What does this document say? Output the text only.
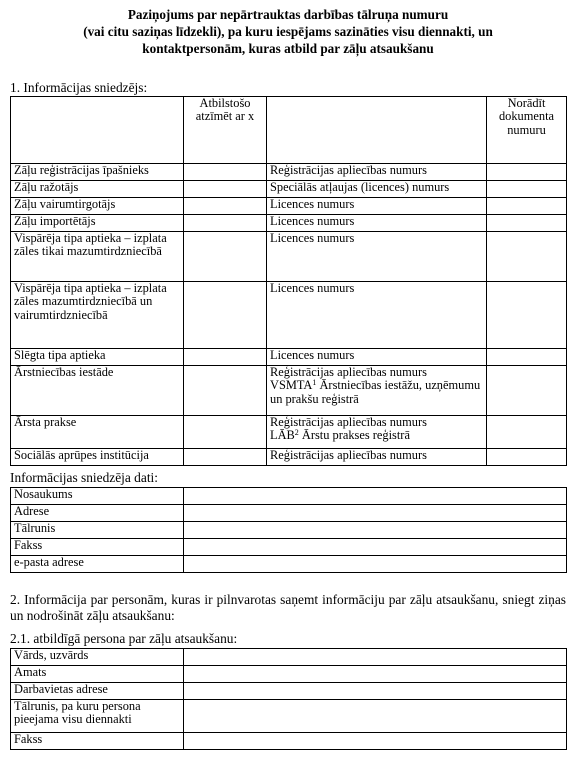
Paziņojums par nepārtrauktas darbības tālruņa numuru
(vai citu saziņas līdzekli), pa kuru iespējams sazināties visu diennakti, un
kontaktpersonām, kuras atbild par zāļu atsaukšanu
1. Informācijas sniedzējs:
	Atbilstošo atzīmēt ar x		Norādīt dokumenta numuru
Zāļu reģistrācijas īpašnieks		Reģistrācijas apliecības numurs	
Zāļu ražotājs		Speciālās atļaujas (licences) numurs	
Zāļu vairumtirgotājs		Licences numurs	
Zāļu importētājs		Licences numurs	
Vispārēja tipa aptieka – izplata zāles tikai mazumtirdzniecībā		Licences numurs	
Vispārēja tipa aptieka – izplata zāles mazumtirdzniecībā un vairumtirdzniecībā		Licences numurs	
Slēgta tipa aptieka		Licences numurs	
Ārstniecības iestāde		Reģistrācijas apliecības numurs
VSMTA$^1$ Ārstniecības iestāžu, uzņēmumu un prakšu reģistrā	
Ārsta prakse		Reģistrācijas apliecības numurs
LĀB$^2$ Ārstu prakses reģistrā	
Sociālās aprūpes institūcija		Reģistrācijas apliecības numurs	
Informācijas sniedzēja dati:
Nosaukums	
Adrese	
Tālrunis	
Fakss	
e-pasta adrese	
2. Informācija par personām, kuras ir pilnvarotas saņemt informāciju par zāļu atsaukšanu, sniegt ziņas un nodrošināt zāļu atsaukšanu:
2.1. atbildīgā persona par zāļu atsaukšanu:
Vārds, uzvārds	
Amats	
Darbavietas adrese	
Tālrunis, pa kuru persona pieejama visu diennakti	
Fakss	
